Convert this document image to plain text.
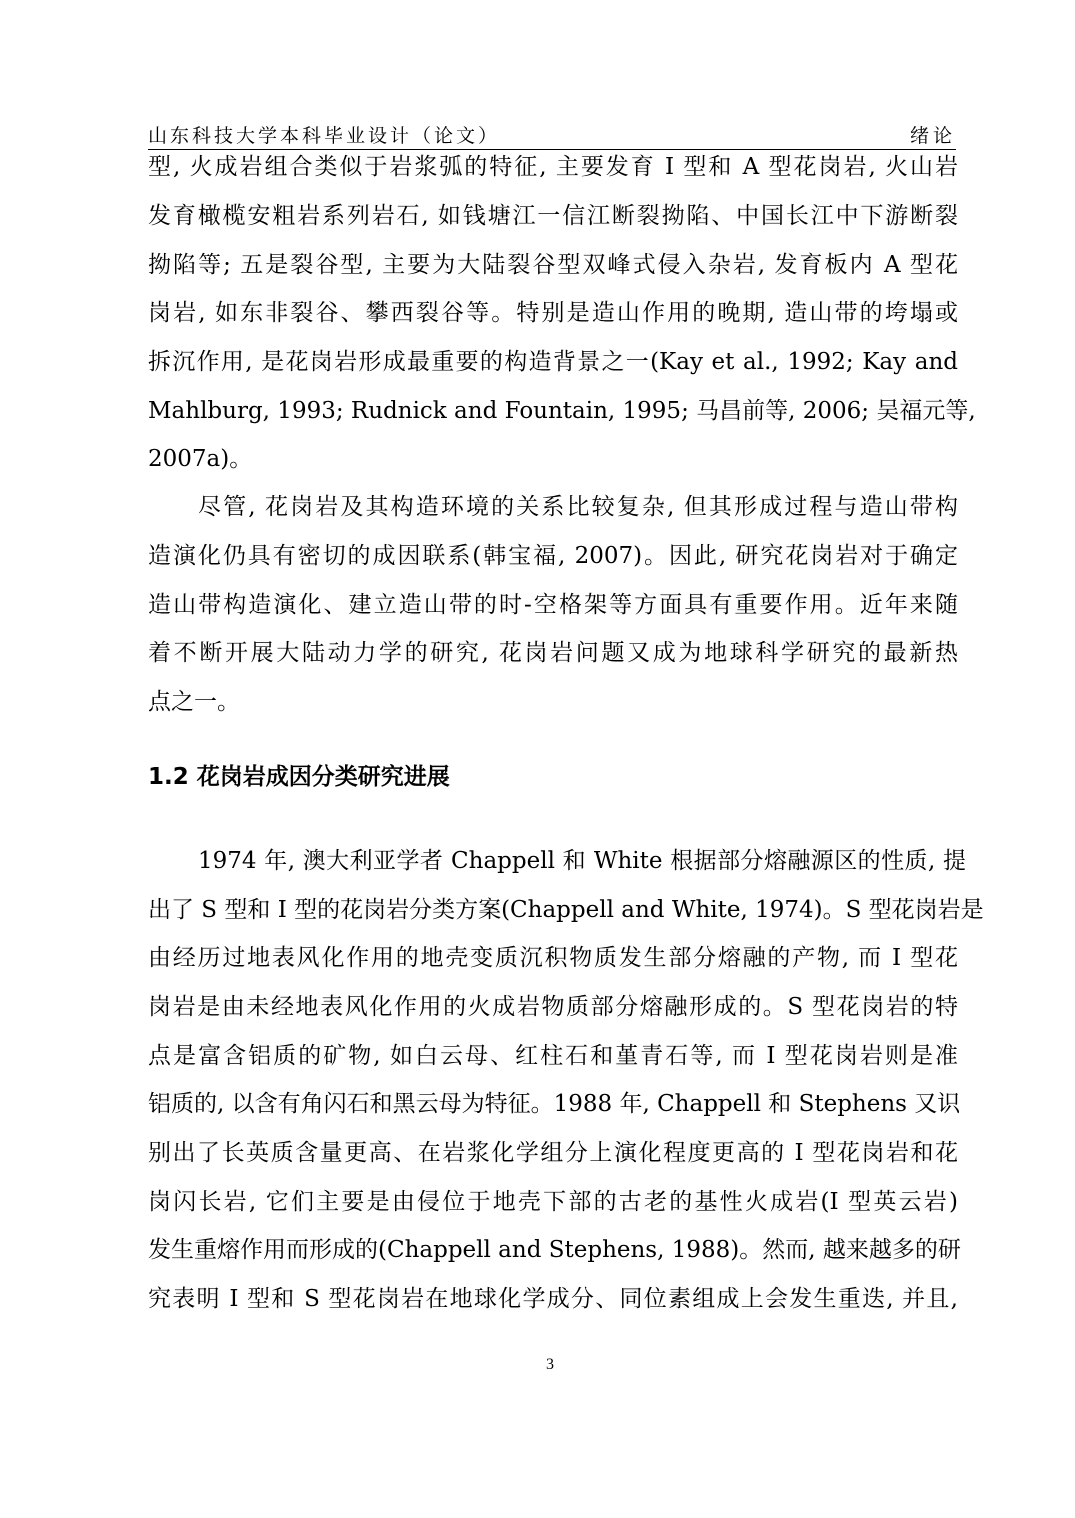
山东科技大学本科毕业设计（论文）	绪论
型, 火成岩组合类似于岩浆弧的特征, 主要发育 I 型和 A 型花岗岩, 火山岩
发育橄榄安粗岩系列岩石, 如钱塘江一信江断裂拗陷、中国长江中下游断裂
拗陷等; 五是裂谷型, 主要为大陆裂谷型双峰式侵入杂岩, 发育板内 A 型花
岗岩, 如东非裂谷、攀西裂谷等。特别是造山作用的晚期, 造山带的垮塌或
拆沉作用, 是花岗岩形成最重要的构造背景之一(Kay et al., 1992; Kay and
Mahlburg, 1993; Rudnick and Fountain, 1995; 马昌前等, 2006; 吴福元等,
2007a)。
尽管, 花岗岩及其构造环境的关系比较复杂, 但其形成过程与造山带构
造演化仍具有密切的成因联系(韩宝福, 2007)。因此, 研究花岗岩对于确定
造山带构造演化、建立造山带的时-空格架等方面具有重要作用。近年来随
着不断开展大陆动力学的研究, 花岗岩问题又成为地球科学研究的最新热
点之一。
1.2 花岗岩成因分类研究进展
1974 年, 澳大利亚学者 Chappell 和 White 根据部分熔融源区的性质, 提
出了 S 型和 I 型的花岗岩分类方案(Chappell and White, 1974)。S 型花岗岩是
由经历过地表风化作用的地壳变质沉积物质发生部分熔融的产物, 而 I 型花
岗岩是由未经地表风化作用的火成岩物质部分熔融形成的。S 型花岗岩的特
点是富含铝质的矿物, 如白云母、红柱石和堇青石等, 而 I 型花岗岩则是准
铝质的, 以含有角闪石和黑云母为特征。1988 年, Chappell 和 Stephens 又识
别出了长英质含量更高、在岩浆化学组分上演化程度更高的 I 型花岗岩和花
岗闪长岩, 它们主要是由侵位于地壳下部的古老的基性火成岩(I 型英云岩)
发生重熔作用而形成的(Chappell and Stephens, 1988)。然而, 越来越多的研
究表明 I 型和 S 型花岗岩在地球化学成分、同位素组成上会发生重迭, 并且,
3
